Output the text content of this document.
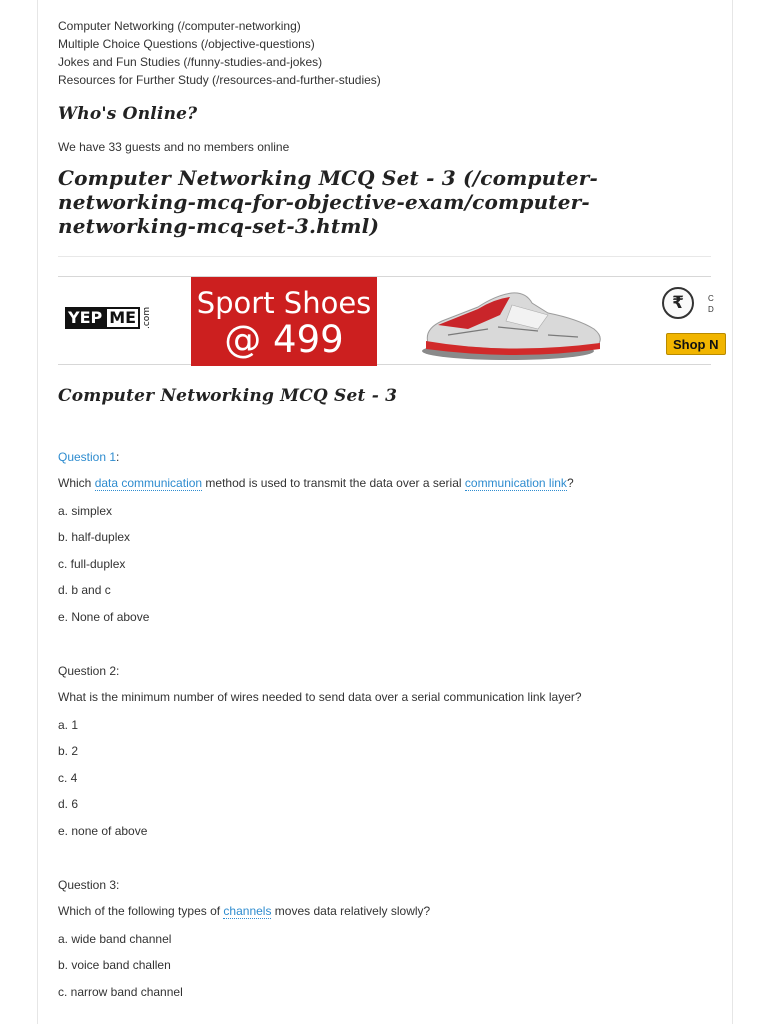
Computer Networking (/computer-networking)
Multiple Choice Questions (/objective-questions)
Jokes and Fun Studies (/funny-studies-and-jokes)
Resources for Further Study (/resources-and-further-studies)
Who's Online?
We have 33 guests and no members online
Computer Networking MCQ Set - 3 (/computer-networking-mcq-for-objective-exam/computer-networking-mcq-set-3.html)
YEP ME .com Sport Shoes
@ 499
₹	C
D
Shop N
Computer Networking MCQ Set - 3
Question 1:
Which data communication method is used to transmit the data over a serial communication link?
a. simplex
b. half-duplex
c. full-duplex
d. b and c
e. None of above
Question 2:
What is the minimum number of wires needed to send data over a serial communication link layer?
a. 1
b. 2
c. 4
d. 6
e. none of above
Question 3:
Which of the following types of channels moves data relatively slowly?
a. wide band channel
b. voice band challen
c. narrow band channel
